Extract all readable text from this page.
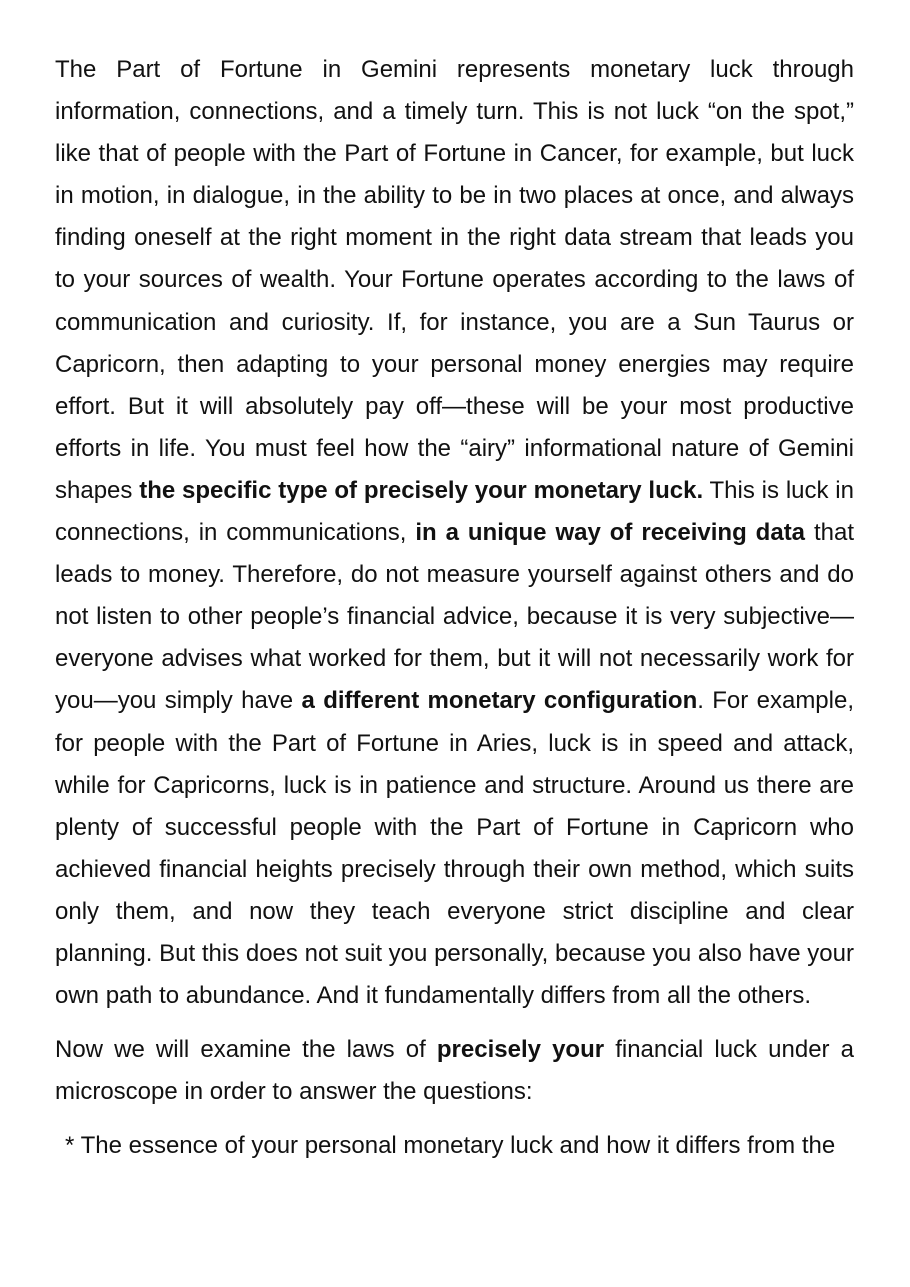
The Part of Fortune in Gemini represents monetary luck through information, connections, and a timely turn. This is not luck “on the spot,” like that of people with the Part of Fortune in Cancer, for example, but luck in motion, in dialogue, in the ability to be in two places at once, and always finding oneself at the right moment in the right data stream that leads you to your sources of wealth. Your Fortune operates according to the laws of communication and curiosity. If, for instance, you are a Sun Taurus or Capricorn, then adapting to your personal money energies may require effort. But it will absolutely pay off—these will be your most productive efforts in life. You must feel how the “airy” informational nature of Gemini shapes the specific type of precisely your monetary luck. This is luck in connections, in communications, in a unique way of receiving data that leads to money. Therefore, do not measure yourself against others and do not listen to other people’s financial advice, because it is very subjective—everyone advises what worked for them, but it will not necessarily work for you—you simply have a different monetary configuration. For example, for people with the Part of Fortune in Aries, luck is in speed and attack, while for Capricorns, luck is in patience and structure. Around us there are plenty of successful people with the Part of Fortune in Capricorn who achieved financial heights precisely through their own method, which suits only them, and now they teach everyone strict discipline and clear planning. But this does not suit you personally, because you also have your own path to abundance. And it fundamentally differs from all the others.

Now we will examine the laws of precisely your financial luck under a microscope in order to answer the questions:

* The essence of your personal monetary luck and how it differs from the
